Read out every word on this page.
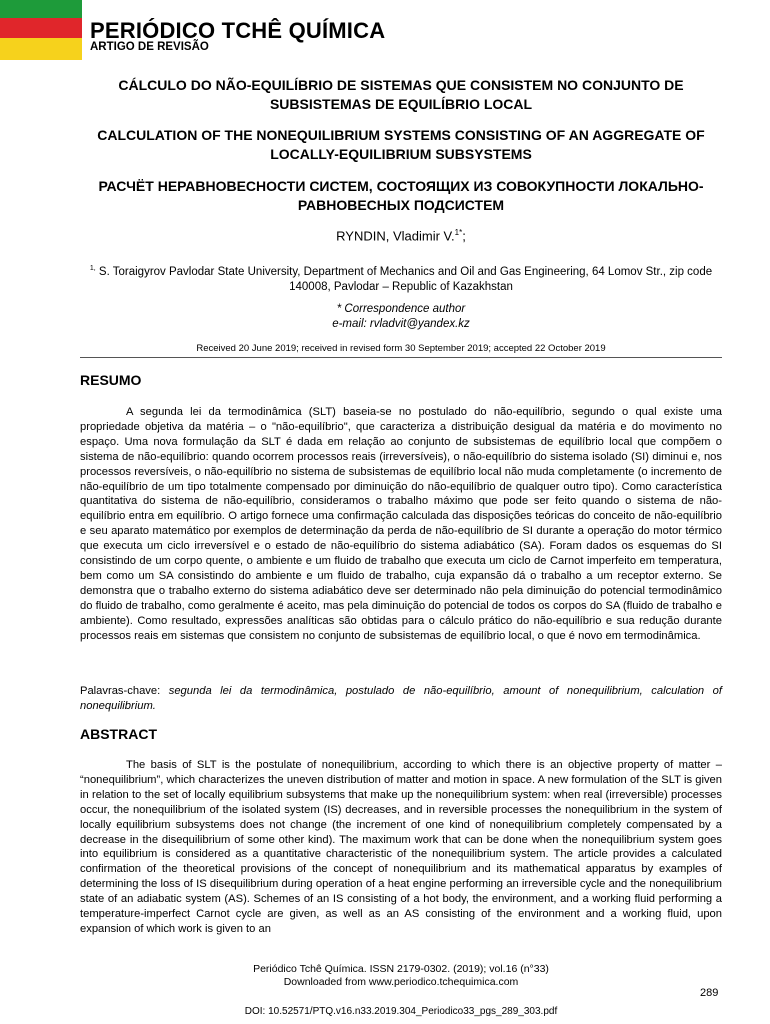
PERIÓDICO TCHÊ QUÍMICA
ARTIGO DE REVISÃO
CÁLCULO DO NÃO-EQUILÍBRIO DE SISTEMAS QUE CONSISTEM NO CONJUNTO DE SUBSISTEMAS DE EQUILÍBRIO LOCAL
CALCULATION OF THE NONEQUILIBRIUM SYSTEMS CONSISTING OF AN AGGREGATE OF LOCALLY-EQUILIBRIUM SUBSYSTEMS
РАСЧЁТ НЕРАВНОВЕСНОСТИ СИСТЕМ, СОСТОЯЩИХ ИЗ СОВОКУПНОСТИ ЛОКАЛЬНО-РАВНОВЕСНЫХ ПОДСИСТЕМ
RYNDIN, Vladimir V.$^{1*}$;
$^{1,}$ S. Toraigyrov Pavlodar State University, Department of Mechanics and Oil and Gas Engineering, 64 Lomov Str., zip code 140008, Pavlodar – Republic of Kazakhstan
* Correspondence author
e-mail: rvladvit@yandex.kz
Received 20 June 2019; received in revised form 30 September 2019; accepted 22 October 2019
RESUMO
A segunda lei da termodinâmica (SLT) baseia-se no postulado do não-equilíbrio, segundo o qual existe uma propriedade objetiva da matéria – o "não-equilíbrio", que caracteriza a distribuição desigual da matéria e do movimento no espaço. Uma nova formulação da SLT é dada em relação ao conjunto de subsistemas de equilíbrio local que compõem o sistema de não-equilíbrio: quando ocorrem processos reais (irreversíveis), o não-equilíbrio do sistema isolado (SI) diminui e, nos processos reversíveis, o não-equilíbrio no sistema de subsistemas de equilíbrio local não muda completamente (o incremento de não-equilíbrio de um tipo totalmente compensado por diminuição do não-equilíbrio de qualquer outro tipo). Como característica quantitativa do sistema de não-equilíbrio, consideramos o trabalho máximo que pode ser feito quando o sistema de não-equilíbrio entra em equilíbrio. O artigo fornece uma confirmação calculada das disposições teóricas do conceito de não-equilíbrio e seu aparato matemático por exemplos de determinação da perda de não-equilíbrio de SI durante a operação do motor térmico que executa um ciclo irreversível e o estado de não-equilíbrio do sistema adiabático (SA). Foram dados os esquemas do SI consistindo de um corpo quente, o ambiente e um fluido de trabalho que executa um ciclo de Carnot imperfeito em temperatura, bem como um SA consistindo do ambiente e um fluido de trabalho, cuja expansão dá o trabalho a um receptor externo. Se demonstra que o trabalho externo do sistema adiabático deve ser determinado não pela diminuição do potencial termodinâmico do fluido de trabalho, como geralmente é aceito, mas pela diminuição do potencial de todos os corpos do SA (fluido de trabalho e ambiente). Como resultado, expressões analíticas são obtidas para o cálculo prático do não-equilíbrio e sua redução durante processos reais em sistemas que consistem no conjunto de subsistemas de equilíbrio local, o que é novo em termodinâmica.
Palavras-chave: segunda lei da termodinâmica, postulado de não-equilíbrio, amount of nonequilibrium, calculation of nonequilibrium.
ABSTRACT
The basis of SLT is the postulate of nonequilibrium, according to which there is an objective property of matter – “nonequilibrium”, which characterizes the uneven distribution of matter and motion in space. A new formulation of the SLT is given in relation to the set of locally equilibrium subsystems that make up the nonequilibrium system: when real (irreversible) processes occur, the nonequilibrium of the isolated system (IS) decreases, and in reversible processes the nonequilibrium in the system of locally equilibrium subsystems does not change (the increment of one kind of nonequilibrium completely compensated by a decrease in the disequilibrium of some other kind). The maximum work that can be done when the nonequilibrium system goes into equilibrium is considered as a quantitative characteristic of the nonequilibrium system. The article provides a calculated confirmation of the theoretical provisions of the concept of nonequilibrium and its mathematical apparatus by examples of determining the loss of IS disequilibrium during operation of a heat engine performing an irreversible cycle and the nonequilibrium state of an adiabatic system (AS). Schemes of an IS consisting of a hot body, the environment, and a working fluid performing a temperature-imperfect Carnot cycle are given, as well as an AS consisting of the environment and a working fluid, upon expansion of which work is given to an
Periódico Tchê Química. ISSN 2179-0302. (2019); vol.16 (n°33)
Downloaded from www.periodico.tchequimica.com
289
DOI: 10.52571/PTQ.v16.n33.2019.304_Periodico33_pgs_289_303.pdf
